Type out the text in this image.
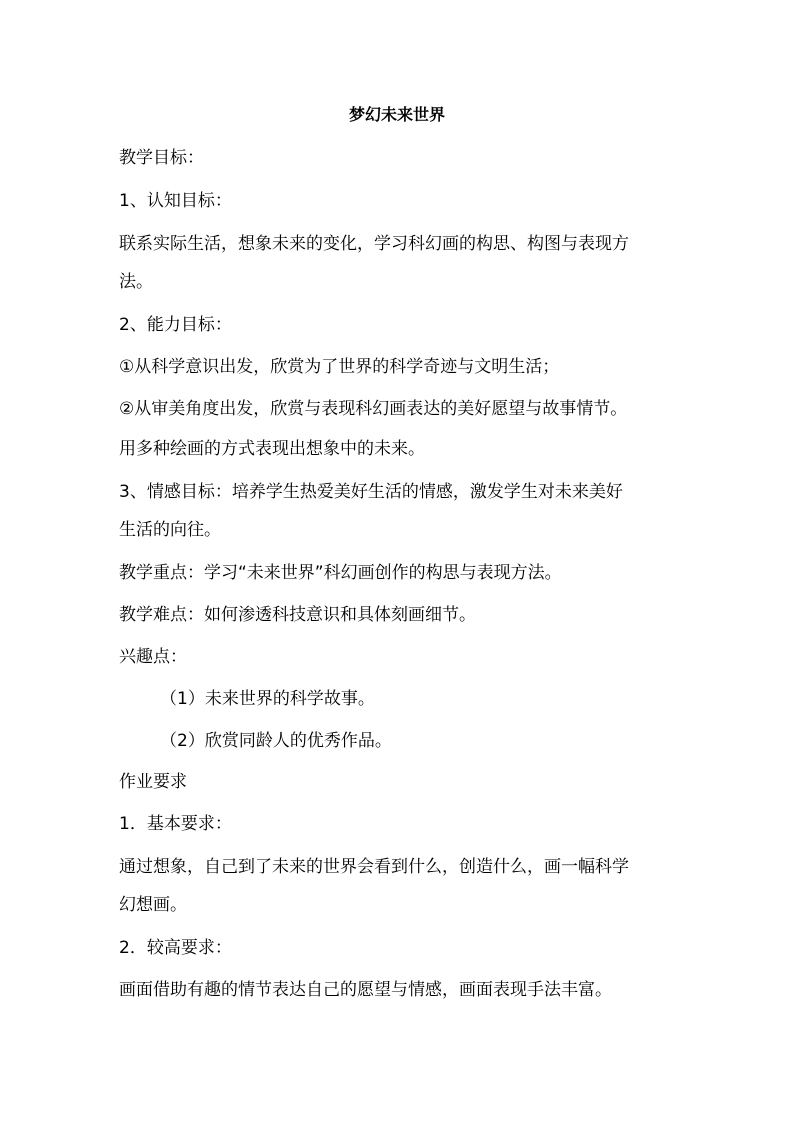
梦幻未来世界
教学目标：
1、认知目标：
联系实际生活，想象未来的变化，学习科幻画的构思、构图与表现方
法。
2、能力目标：
①从科学意识出发，欣赏为了世界的科学奇迹与文明生活；
②从审美角度出发，欣赏与表现科幻画表达的美好愿望与故事情节。
用多种绘画的方式表现出想象中的未来。
3、情感目标：培养学生热爱美好生活的情感，激发学生对未来美好
生活的向往。
教学重点：学习“未来世界”科幻画创作的构思与表现方法。
教学难点：如何渗透科技意识和具体刻画细节。
兴趣点：
（1）未来世界的科学故事。
（2）欣赏同龄人的优秀作品。
作业要求
1．基本要求：
通过想象，自己到了未来的世界会看到什么，创造什么，画一幅科学
幻想画。
2．较高要求：
画面借助有趣的情节表达自己的愿望与情感，画面表现手法丰富。
